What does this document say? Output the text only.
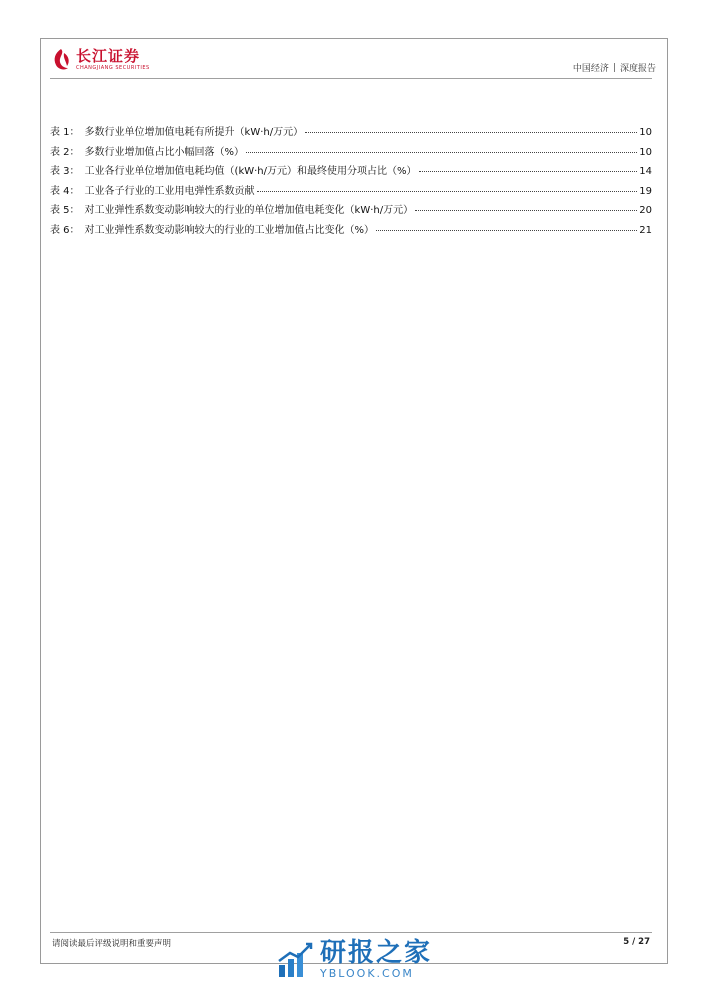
长江证券
CHANGJIANG SECURITIES	中国经济 | 深度报告
表 1： 多数行业单位增加值电耗有所提升（kW·h/万元）	10
表 2： 多数行业增加值占比小幅回落（%）	10
表 3： 工业各行业单位增加值电耗均值（(kW·h/万元）和最终使用分项占比（%）	14
表 4： 工业各子行业的工业用电弹性系数贡献	19
表 5： 对工业弹性系数变动影响较大的行业的单位增加值电耗变化（kW·h/万元）	20
表 6： 对工业弹性系数变动影响较大的行业的工业增加值占比变化（%）	21
请阅读最后评级说明和重要声明	5 / 27
研报之家
YBLOOK.COM
